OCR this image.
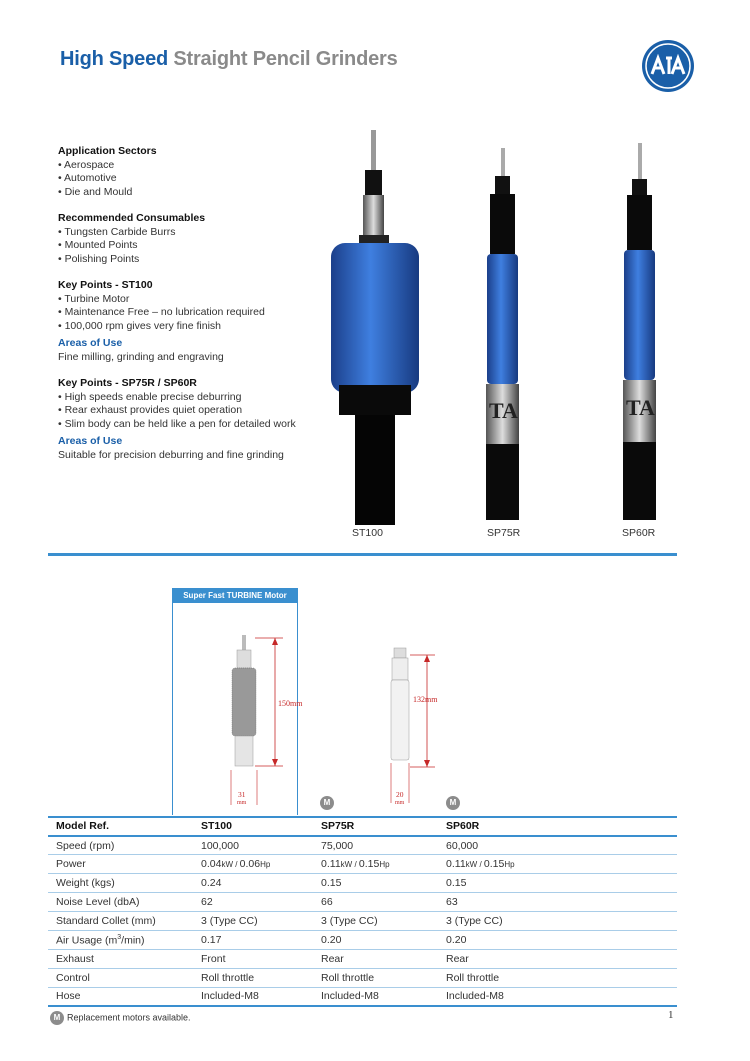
High Speed Straight Pencil Grinders
Application Sectors
• Aerospace
• Automotive
• Die and Mould
Recommended Consumables
• Tungsten Carbide Burrs
• Mounted Points
• Polishing Points
Key Points - ST100
• Turbine Motor
• Maintenance Free – no lubrication required
• 100,000 rpm gives very fine finish
Areas of Use
Fine milling, grinding and engraving
Key Points - SP75R / SP60R
• High speeds enable precise deburring
• Rear exhaust provides quiet operation
• Slim body can be held like a pen for detailed work
Areas of Use
Suitable for precision deburring and fine grinding
TA	TA
ST100	SP75R	SP60R
Super Fast TURBINE Motor
150mm
31
mm
132mm
20
mm
M	M
Model Ref.	ST100	SP75R	SP60R
Speed (rpm)	100,000	75,000	60,000
Power	0.04kW / 0.06Hp	0.11kW / 0.15Hp	0.11kW / 0.15Hp
Weight (kgs)	0.24	0.15	0.15
Noise Level (dbA)	62	66	63
Standard Collet (mm)	3 (Type CC)	3 (Type CC)	3 (Type CC)
Air Usage $(m^3/\min)$	0.17	0.20	0.20
Exhaust	Front	Rear	Rear
Control	Roll throttle	Roll throttle	Roll throttle
Hose	Included-M8	Included-M8	Included-M8
M Replacement motors available.	1
